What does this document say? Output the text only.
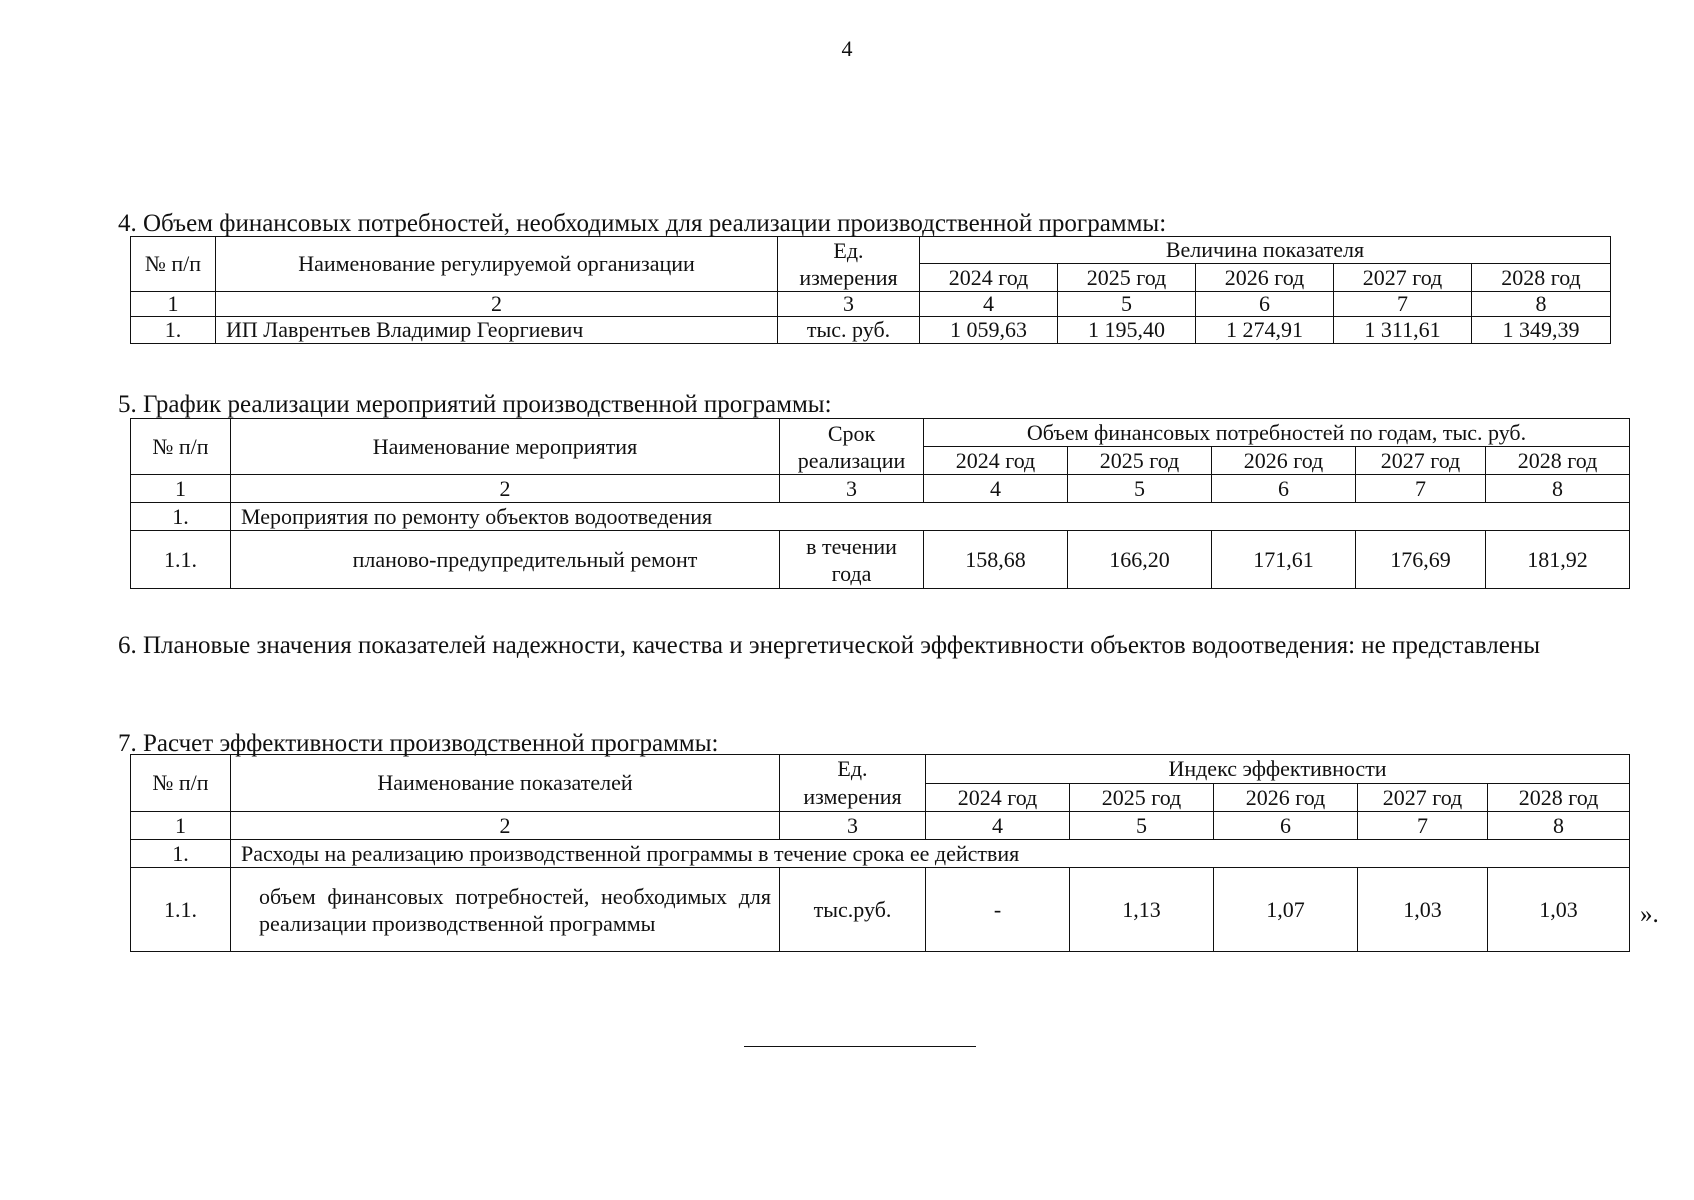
4
4. Объем финансовых потребностей, необходимых для реализации производственной программы:
№ п/п	Наименование регулируемой организации	Ед. измерения	Величина показателя				
			2024 год	2025 год	2026 год	2027 год	2028 год
1	2	3	4	5	6	7	8
1.	ИП Лаврентьев Владимир Георгиевич	тыс. руб.	1 059,63	1 195,40	1 274,91	1 311,61	1 349,39
5. График реализации мероприятий производственной программы:
№ п/п	Наименование мероприятия	Срок реализации	Объем финансовых потребностей по годам, тыс. руб.				
			2024 год	2025 год	2026 год	2027 год	2028 год
1	2	3	4	5	6	7	8
1.	Мероприятия по ремонту объектов водоотведения						
1.1.	планово-предупредительный ремонт	в течении года	158,68	166,20	171,61	176,69	181,92
6. Плановые значения показателей надежности, качества и энергетической эффективности объектов водоотведения: не представлены
7. Расчет эффективности производственной программы:
№ п/п	Наименование показателей	Ед. измерения	Индекс эффективности				
			2024 год	2025 год	2026 год	2027 год	2028 год
1	2	3	4	5	6	7	8
1.	Расходы на реализацию производственной программы в течение срока ее действия						
1.1.	объем финансовых потребностей, необходимых для реализации производственной программы	тыс.руб.	-	1,13	1,07	1,03	1,03 ».
